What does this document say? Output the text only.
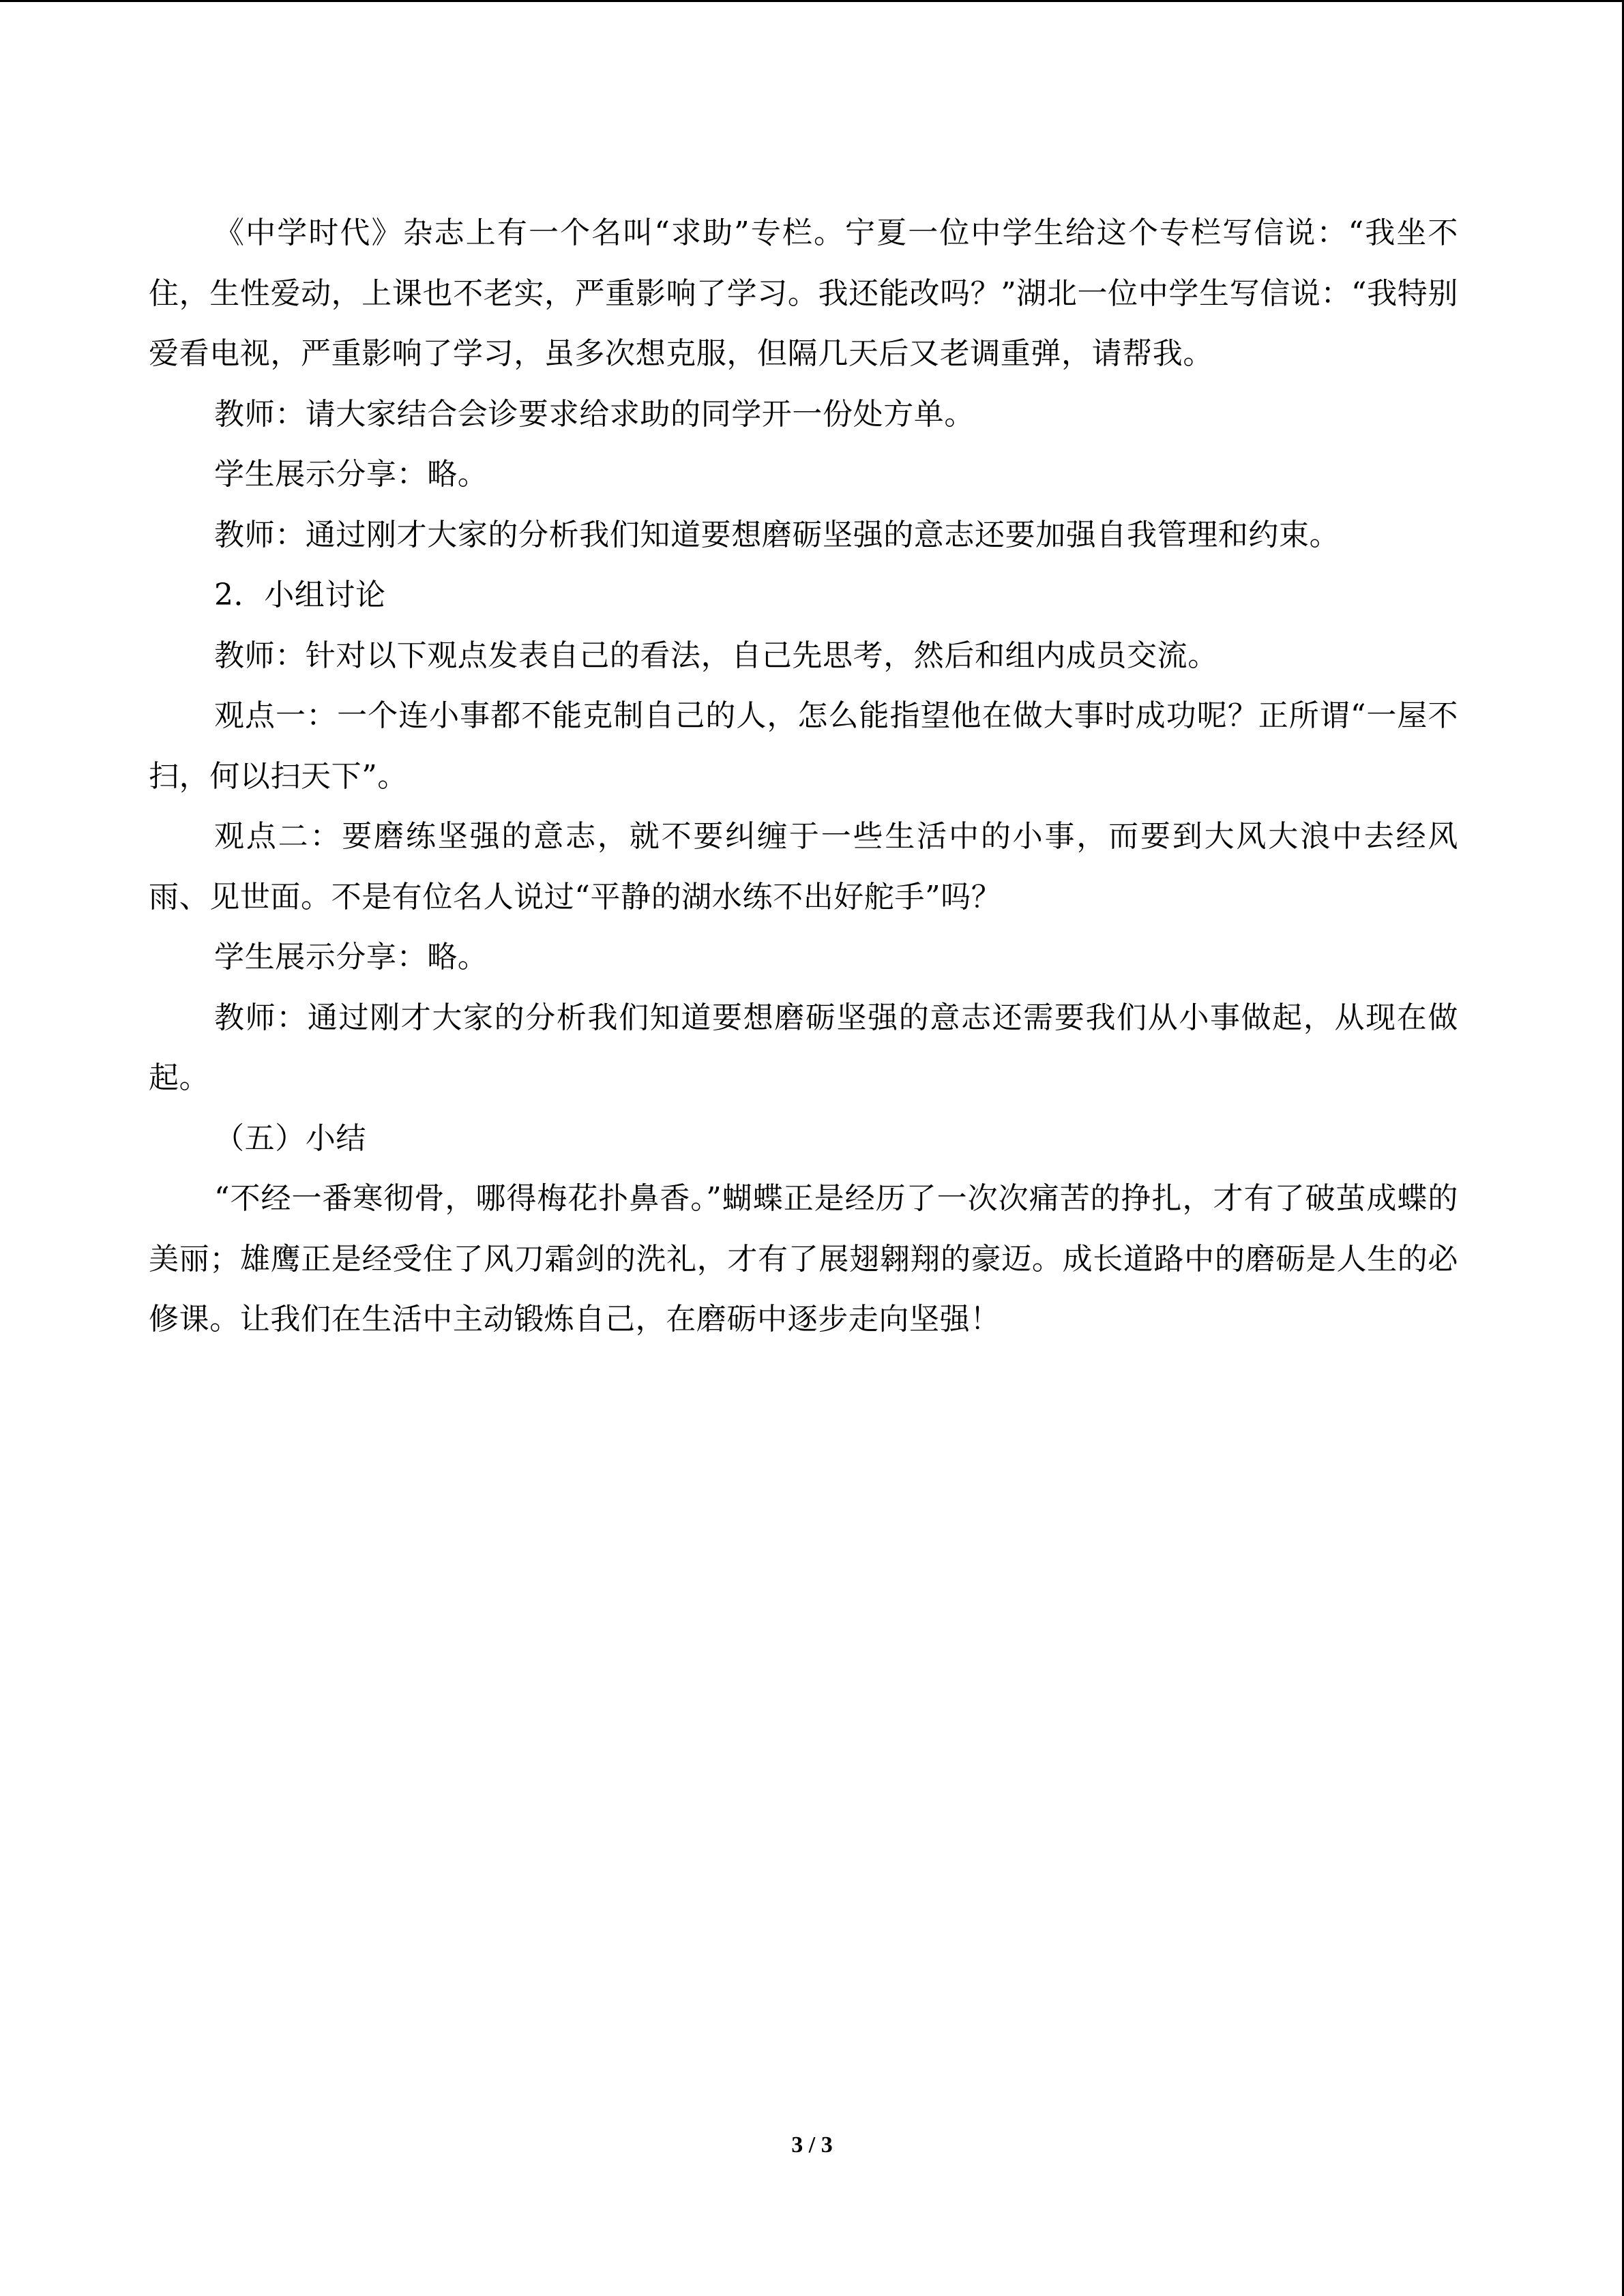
《中学时代》杂志上有一个名叫“求助”专栏。宁夏一位中学生给这个专栏写信说：“我坐不住，生性爱动，上课也不老实，严重影响了学习。我还能改吗？”湖北一位中学生写信说：“我特别爱看电视，严重影响了学习，虽多次想克服，但隔几天后又老调重弹，请帮我。

教师：请大家结合会诊要求给求助的同学开一份处方单。

学生展示分享：略。

教师：通过刚才大家的分析我们知道要想磨砺坚强的意志还要加强自我管理和约束。

2．小组讨论

教师：针对以下观点发表自己的看法，自己先思考，然后和组内成员交流。

观点一：一个连小事都不能克制自己的人，怎么能指望他在做大事时成功呢？正所谓“一屋不扫，何以扫天下”。

观点二：要磨练坚强的意志，就不要纠缠于一些生活中的小事，而要到大风大浪中去经风雨、见世面。不是有位名人说过“平静的湖水练不出好舵手”吗？

学生展示分享：略。

教师：通过刚才大家的分析我们知道要想磨砺坚强的意志还需要我们从小事做起，从现在做起。

（五）小结

“不经一番寒彻骨，哪得梅花扑鼻香。”蝴蝶正是经历了一次次痛苦的挣扎，才有了破茧成蝶的美丽；雄鹰正是经受住了风刀霜剑的洗礼，才有了展翅翱翔的豪迈。成长道路中的磨砺是人生的必修课。让我们在生活中主动锻炼自己，在磨砺中逐步走向坚强！

3 / 3
